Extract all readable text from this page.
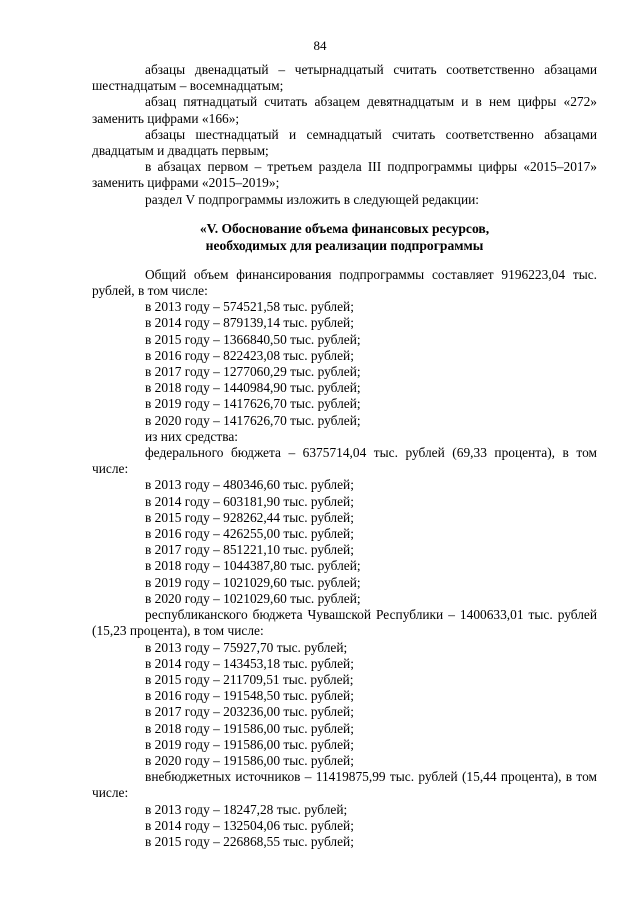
84

абзацы двенадцатый – четырнадцатый считать соответственно абзацами шестнадцатым – восемнадцатым;

абзац пятнадцатый считать абзацем девятнадцатым и в нем цифры «272» заменить цифрами «166»;

абзацы шестнадцатый и семнадцатый считать соответственно абзацами двадцатым и двадцать первым;

в абзацах первом – третьем раздела III подпрограммы цифры «2015–2017» заменить цифрами «2015–2019»;

раздел V подпрограммы изложить в следующей редакции:

«V. Обоснование объема финансовых ресурсов,
необходимых для реализации подпрограммы

Общий объем финансирования подпрограммы составляет 9196223,04 тыс. рублей, в том числе:

в 2013 году – 574521,58 тыс. рублей;

в 2014 году – 879139,14 тыс. рублей;

в 2015 году – 1366840,50 тыс. рублей;

в 2016 году – 822423,08 тыс. рублей;

в 2017 году – 1277060,29 тыс. рублей;

в 2018 году – 1440984,90 тыс. рублей;

в 2019 году – 1417626,70 тыс. рублей;

в 2020 году – 1417626,70 тыс. рублей;

из них средства:

федерального бюджета – 6375714,04 тыс. рублей (69,33 процента), в том числе:

в 2013 году – 480346,60 тыс. рублей;

в 2014 году – 603181,90 тыс. рублей;

в 2015 году – 928262,44 тыс. рублей;

в 2016 году – 426255,00 тыс. рублей;

в 2017 году – 851221,10 тыс. рублей;

в 2018 году – 1044387,80 тыс. рублей;

в 2019 году – 1021029,60 тыс. рублей;

в 2020 году – 1021029,60 тыс. рублей;

республиканского бюджета Чувашской Республики – 1400633,01 тыс. рублей (15,23 процента), в том числе:

в 2013 году – 75927,70 тыс. рублей;

в 2014 году – 143453,18 тыс. рублей;

в 2015 году – 211709,51 тыс. рублей;

в 2016 году – 191548,50 тыс. рублей;

в 2017 году – 203236,00 тыс. рублей;

в 2018 году – 191586,00 тыс. рублей;

в 2019 году – 191586,00 тыс. рублей;

в 2020 году – 191586,00 тыс. рублей;

внебюджетных источников – 11419875,99 тыс. рублей (15,44 процента), в том числе:

в 2013 году – 18247,28 тыс. рублей;

в 2014 году – 132504,06 тыс. рублей;

в 2015 году – 226868,55 тыс. рублей;
